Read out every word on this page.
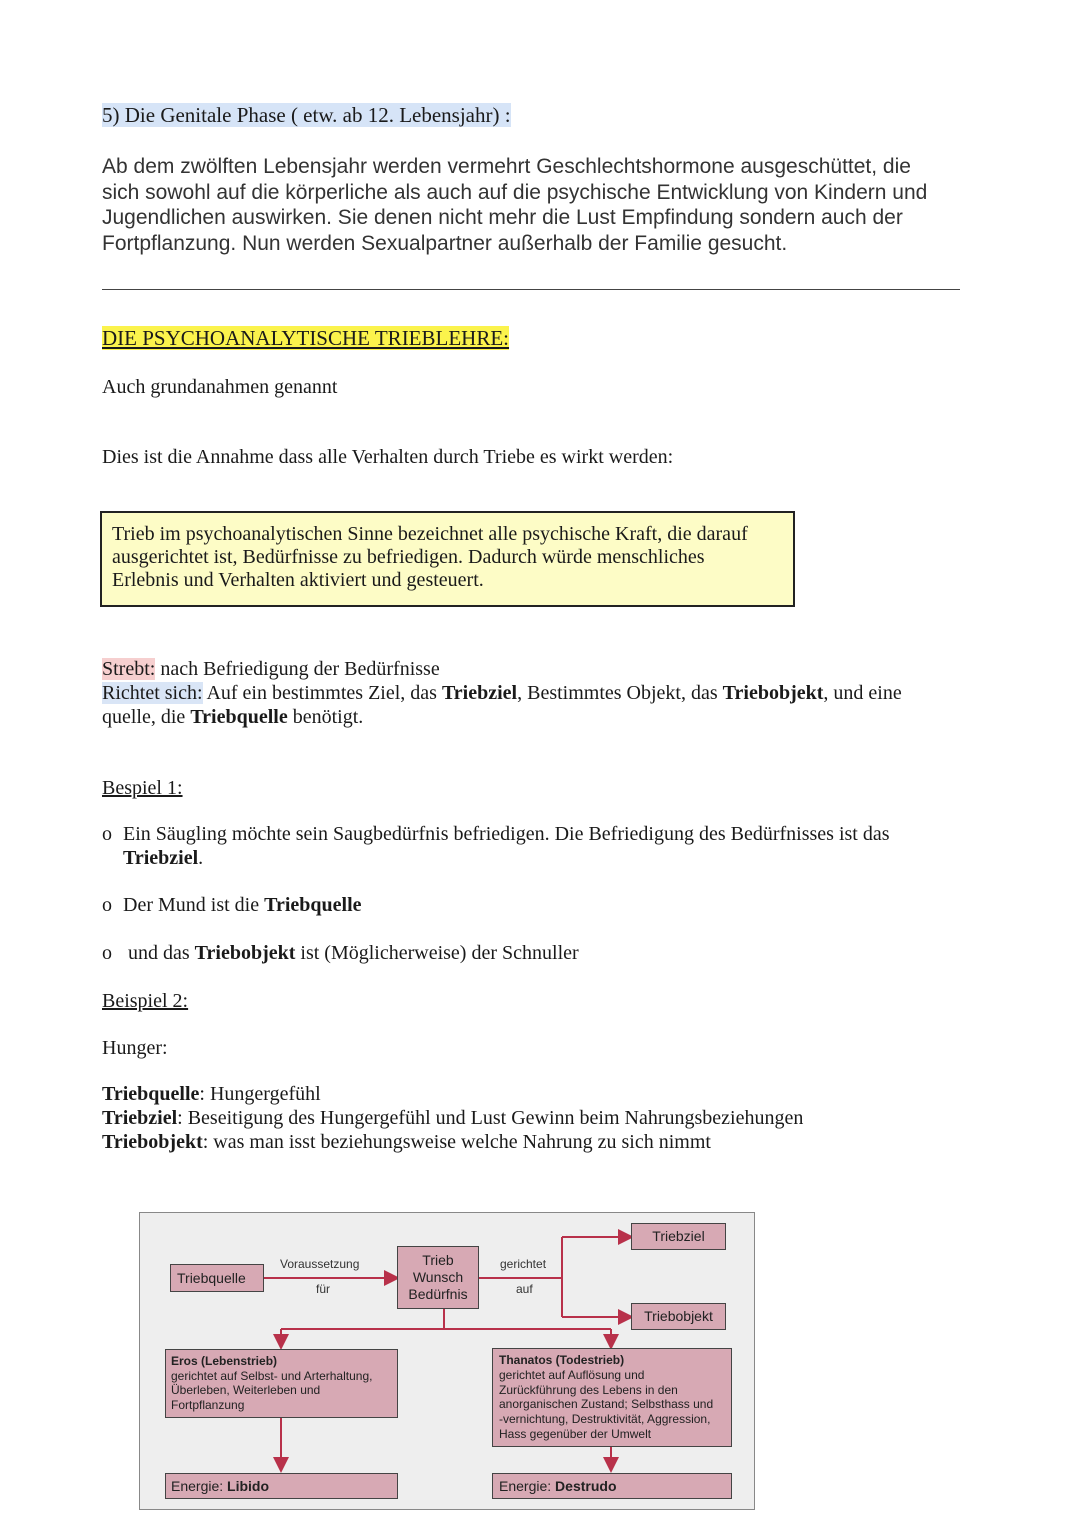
5) Die Genitale Phase ( etw. ab 12. Lebensjahr) :
Ab dem zwölften Lebensjahr werden vermehrt Geschlechtshormone ausgeschüttet, die
sich sowohl auf die körperliche als auch auf die psychische Entwicklung von Kindern und
Jugendlichen auswirken. Sie denen nicht mehr die Lust Empfindung sondern auch der
Fortpflanzung. Nun werden Sexualpartner außerhalb der Familie gesucht.
DIE PSYCHOANALYTISCHE TRIEBLEHRE:
Auch grundanahmen genannt
Dies ist die Annahme dass alle Verhalten durch Triebe es wirkt werden:
Trieb im psychoanalytischen Sinne bezeichnet alle psychische Kraft, die darauf
ausgerichtet ist, Bedürfnisse zu befriedigen. Dadurch würde menschliches
Erlebnis und Verhalten aktiviert und gesteuert.
Strebt: nach Befriedigung der Bedürfnisse
Richtet sich: Auf ein bestimmtes Ziel, das Triebziel, Bestimmtes Objekt, das Triebobjekt, und eine
quelle, die Triebquelle benötigt.
Bespiel 1:
o Ein Säugling möchte sein Saugbedürfnis befriedigen. Die Befriedigung des Bedürfnisses ist das
Triebziel.
o Der Mund ist die Triebquelle
o und das Triebobjekt ist (Möglicherweise) der Schnuller
Beispiel 2:
Hunger:
Triebquelle: Hungergefühl
Triebziel: Beseitigung des Hungergefühl und Lust Gewinn beim Nahrungsbeziehungen
Triebobjekt: was man isst beziehungsweise welche Nahrung zu sich nimmt
Triebquelle
Voraussetzung
für
Trieb
Wunsch
Bedürfnis
gerichtet
auf
Triebziel
Triebobjekt
Eros (Lebenstrieb)
gerichtet auf Selbst- und Arterhaltung,
Überleben, Weiterleben und
Fortpflanzung
Thanatos (Todestrieb)
gerichtet auf Auflösung und
Zurückführung des Lebens in den
anorganischen Zustand; Selbsthass und
-vernichtung, Destruktivität, Aggression,
Hass gegenüber der Umwelt
Energie: Libido	Energie: Destrudo
